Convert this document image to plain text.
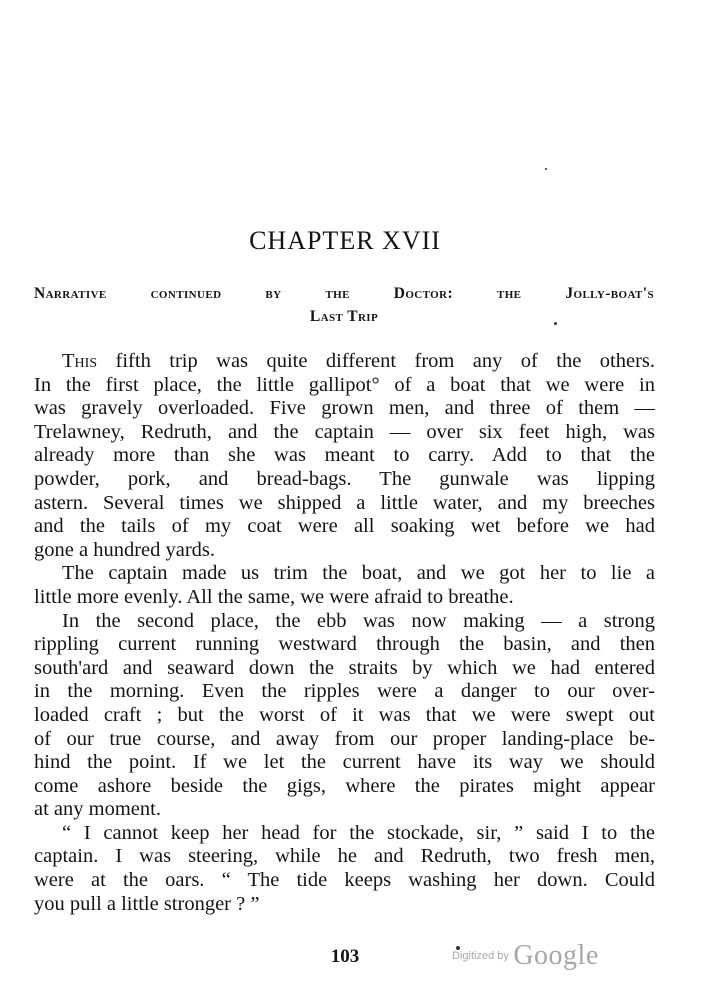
CHAPTER XVII
Narrative continued by the Doctor: the Jolly-boat's
Last Trip
This fifth trip was quite different from any of the others.
In the first place, the little gallipot° of a boat that we were in
was gravely overloaded. Five grown men, and three of them —
Trelawney, Redruth, and the captain — over six feet high, was
already more than she was meant to carry. Add to that the
powder, pork, and bread-bags. The gunwale was lipping
astern. Several times we shipped a little water, and my breeches
and the tails of my coat were all soaking wet before we had
gone a hundred yards.
The captain made us trim the boat, and we got her to lie a
little more evenly. All the same, we were afraid to breathe.
In the second place, the ebb was now making — a strong
rippling current running westward through the basin, and then
south'ard and seaward down the straits by which we had entered
in the morning. Even the ripples were a danger to our over-
loaded craft ; but the worst of it was that we were swept out
of our true course, and away from our proper landing-place be-
hind the point. If we let the current have its way we should
come ashore beside the gigs, where the pirates might appear
at any moment.
“ I cannot keep her head for the stockade, sir, ” said I to the
captain. I was steering, while he and Redruth, two fresh men,
were at the oars. “ The tide keeps washing her down. Could
you pull a little stronger ? ”
103	Digitized by Google
